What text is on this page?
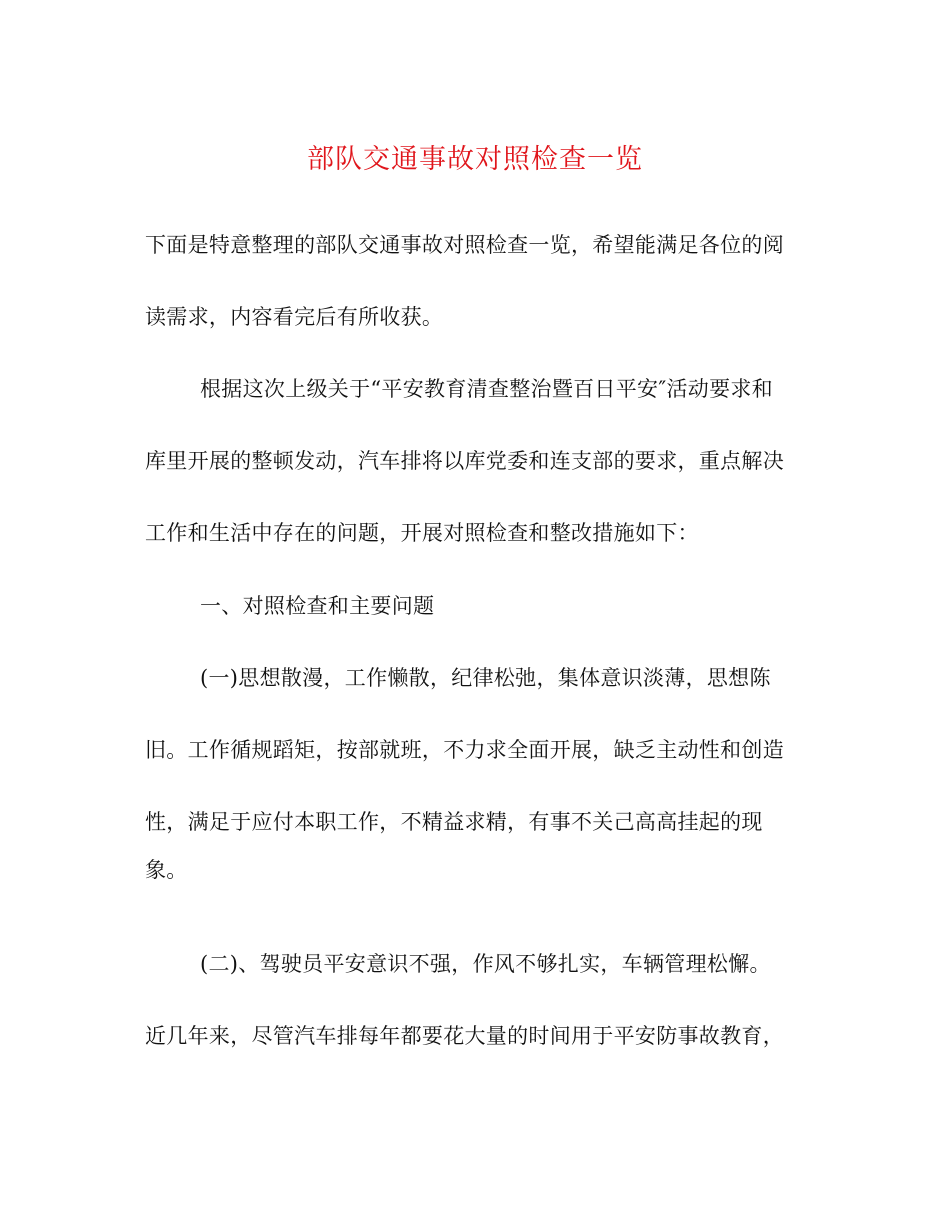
部队交通事故对照检查一览
下面是特意整理的部队交通事故对照检查一览，希望能满足各位的阅
读需求，内容看完后有所收获。
根据这次上级关于“平安教育清查整治暨百日平安″活动要求和
库里开展的整顿发动，汽车排将以库党委和连支部的要求，重点解决
工作和生活中存在的问题，开展对照检查和整改措施如下：
一、对照检查和主要问题
(一)思想散漫，工作懒散，纪律松弛，集体意识淡薄，思想陈
旧。工作循规蹈矩，按部就班，不力求全面开展，缺乏主动性和创造
性，满足于应付本职工作，不精益求精，有事不关己高高挂起的现
象。
(二)、驾驶员平安意识不强，作风不够扎实，车辆管理松懈。
近几年来，尽管汽车排每年都要花大量的时间用于平安防事故教育，
